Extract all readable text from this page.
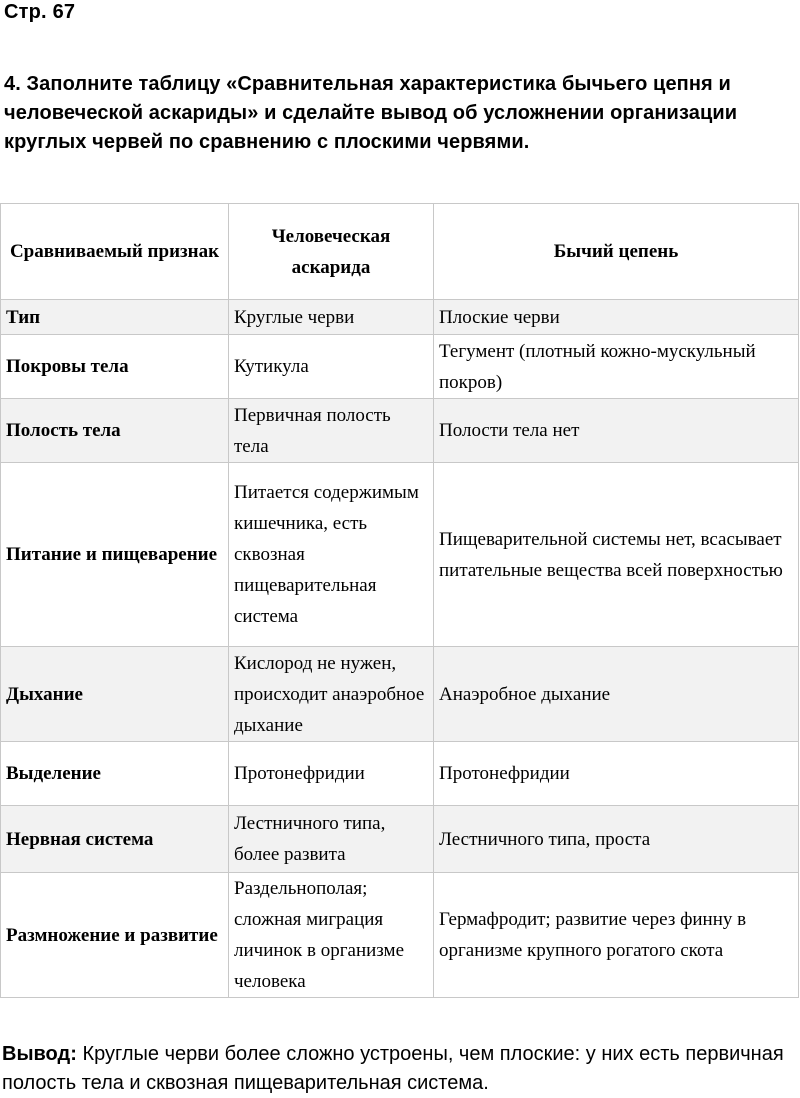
Стр. 67
4. Заполните таблицу «Сравнительная характеристика бычьего цепня и человеческой аскариды» и сделайте вывод об усложнении организации круглых червей по сравнению с плоскими червями.
Сравниваемый признак	Человеческая аскарида	Бычий цепень
Тип	Круглые черви	Плоские черви
Покровы тела	Кутикула	Тегумент (плотный кожно-мускульный покров)
Полость тела	Первичная полость тела	Полости тела нет
Питание и пищеварение	Питается содержимым кишечника, есть сквозная пищеварительная система	Пищеварительной системы нет, всасывает питательные вещества всей поверхностью
Дыхание	Кислород не нужен, происходит анаэробное дыхание	Анаэробное дыхание
Выделение	Протонефридии	Протонефридии
Нервная система	Лестничного типа, более развита	Лестничного типа, проста
Размножение и развитие	Раздельнополая; сложная миграция личинок в организме человека	Гермафродит; развитие через финну в организме крупного рогатого скота
Вывод: Круглые черви более сложно устроены, чем плоские: у них есть первичная полость тела и сквозная пищеварительная система.
